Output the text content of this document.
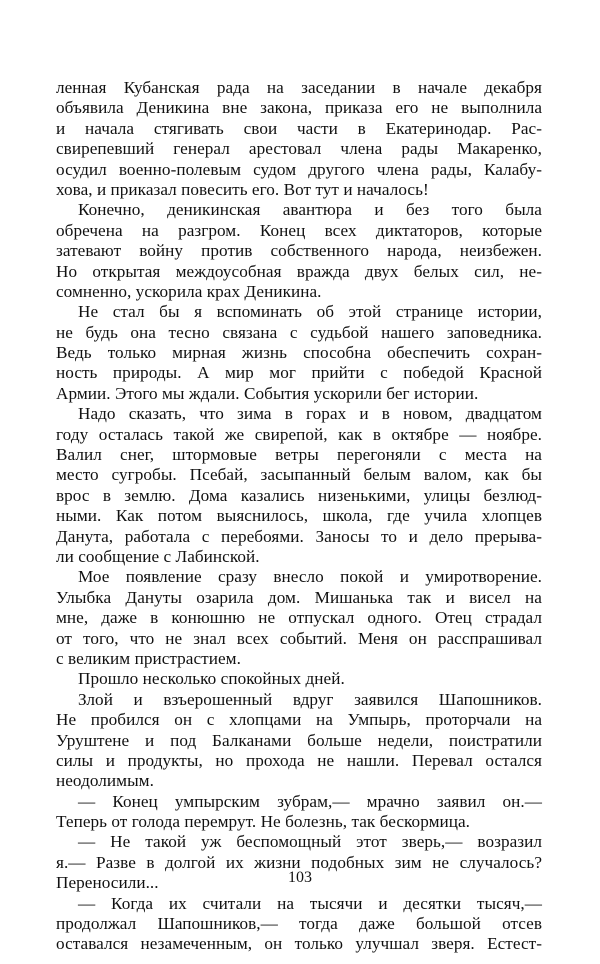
ленная Кубанская рада на заседании в начале декабря
объявила Деникина вне закона, приказа его не выполнила
и начала стягивать свои части в Екатеринодар. Рас-
свирепевший генерал арестовал члена рады Макаренко,
осудил военно-полевым судом другого члена рады, Калабу-
хова, и приказал повесить его. Вот тут и началось!
Конечно, деникинская авантюра и без того была
обречена на разгром. Конец всех диктаторов, которые
затевают войну против собственного народа, неизбежен.
Но открытая междоусобная вражда двух белых сил, не-
сомненно, ускорила крах Деникина.
Не стал бы я вспоминать об этой странице истории,
не будь она тесно связана с судьбой нашего заповедника.
Ведь только мирная жизнь способна обеспечить сохран-
ность природы. А мир мог прийти с победой Красной
Армии. Этого мы ждали. События ускорили бег истории.
Надо сказать, что зима в горах и в новом, двадцатом
году осталась такой же свирепой, как в октябре — ноябре.
Валил снег, штормовые ветры перегоняли с места на
место сугробы. Псебай, засыпанный белым валом, как бы
врос в землю. Дома казались низенькими, улицы безлюд-
ными. Как потом выяснилось, школа, где учила хлопцев
Данута, работала с перебоями. Заносы то и дело прерыва-
ли сообщение с Лабинской.
Мое появление сразу внесло покой и умиротворение.
Улыбка Дануты озарила дом. Мишанька так и висел на
мне, даже в конюшню не отпускал одного. Отец страдал
от того, что не знал всех событий. Меня он расспрашивал
с великим пристрастием.
Прошло несколько спокойных дней.
Злой и взъерошенный вдруг заявился Шапошников.
Не пробился он с хлопцами на Умпырь, проторчали на
Уруштене и под Балканами больше недели, поистратили
силы и продукты, но прохода не нашли. Перевал остался
неодолимым.
— Конец умпырским зубрам,— мрачно заявил он.—
Теперь от голода перемрут. Не болезнь, так бескормица.
— Не такой уж беспомощный этот зверь,— возразил
я.— Разве в долгой их жизни подобных зим не случалось?
Переносили...
— Когда их считали на тысячи и десятки тысяч,—
продолжал Шапошников,— тогда даже большой отсев
оставался незамеченным, он только улучшал зверя. Естест-
103
